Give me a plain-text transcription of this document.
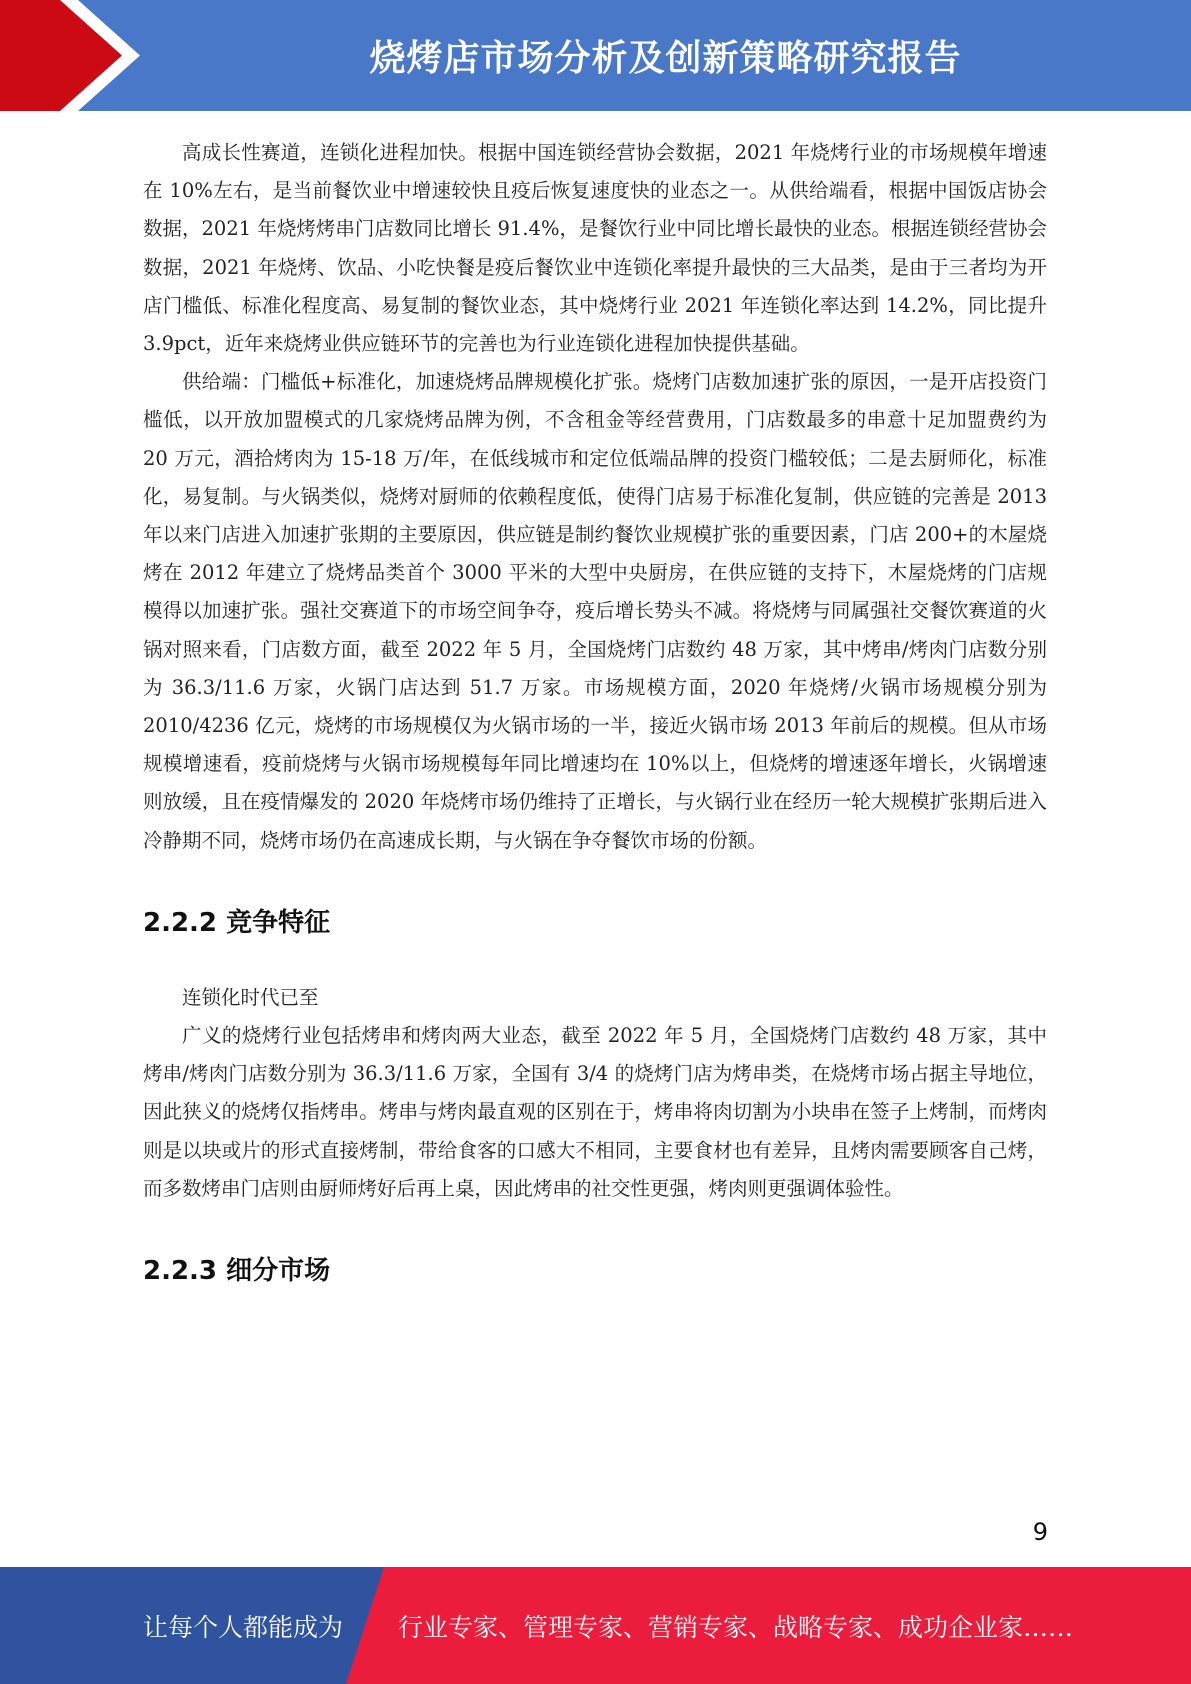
烧烤店市场分析及创新策略研究报告

高成长性赛道，连锁化进程加快。根据中国连锁经营协会数据，2021 年烧烤行业的市场规模年增速在 10%左右，是当前餐饮业中增速较快且疫后恢复速度快的业态之一。从供给端看，根据中国饭店协会数据，2021 年烧烤烤串门店数同比增长 91.4%，是餐饮行业中同比增长最快的业态。根据连锁经营协会数据，2021 年烧烤、饮品、小吃快餐是疫后餐饮业中连锁化率提升最快的三大品类，是由于三者均为开店门槛低、标准化程度高、易复制的餐饮业态，其中烧烤行业 2021 年连锁化率达到 14.2%，同比提升 3.9pct，近年来烧烤业供应链环节的完善也为行业连锁化进程加快提供基础。

供给端：门槛低+标准化，加速烧烤品牌规模化扩张。烧烤门店数加速扩张的原因，一是开店投资门槛低，以开放加盟模式的几家烧烤品牌为例，不含租金等经营费用，门店数最多的串意十足加盟费约为 20 万元，酒拾烤肉为 15-18 万/年，在低线城市和定位低端品牌的投资门槛较低；二是去厨师化，标准化，易复制。与火锅类似，烧烤对厨师的依赖程度低，使得门店易于标准化复制，供应链的完善是 2013 年以来门店进入加速扩张期的主要原因，供应链是制约餐饮业规模扩张的重要因素，门店 200+的木屋烧烤在 2012 年建立了烧烤品类首个 3000 平米的大型中央厨房，在供应链的支持下，木屋烧烤的门店规模得以加速扩张。强社交赛道下的市场空间争夺，疫后增长势头不减。将烧烤与同属强社交餐饮赛道的火锅对照来看，门店数方面，截至 2022 年 5 月，全国烧烤门店数约 48 万家，其中烤串/烤肉门店数分别为 36.3/11.6 万家，火锅门店达到 51.7 万家。市场规模方面，2020 年烧烤/火锅市场规模分别为 2010/4236 亿元，烧烤的市场规模仅为火锅市场的一半，接近火锅市场 2013 年前后的规模。但从市场规模增速看，疫前烧烤与火锅市场规模每年同比增速均在 10%以上，但烧烤的增速逐年增长，火锅增速则放缓，且在疫情爆发的 2020 年烧烤市场仍维持了正增长，与火锅行业在经历一轮大规模扩张期后进入冷静期不同，烧烤市场仍在高速成长期，与火锅在争夺餐饮市场的份额。

2.2.2 竞争特征

连锁化时代已至

广义的烧烤行业包括烤串和烤肉两大业态，截至 2022 年 5 月，全国烧烤门店数约 48 万家，其中烤串/烤肉门店数分别为 36.3/11.6 万家，全国有 3/4 的烧烤门店为烤串类，在烧烤市场占据主导地位，因此狭义的烧烤仅指烤串。烤串与烤肉最直观的区别在于，烤串将肉切割为小块串在签子上烤制，而烤肉则是以块或片的形式直接烤制，带给食客的口感大不相同，主要食材也有差异，且烤肉需要顾客自己烤，而多数烤串门店则由厨师烤好后再上桌，因此烤串的社交性更强，烤肉则更强调体验性。

2.2.3 细分市场
9
让每个人都能成为 行业专家、管理专家、营销专家、战略专家、成功企业家……
